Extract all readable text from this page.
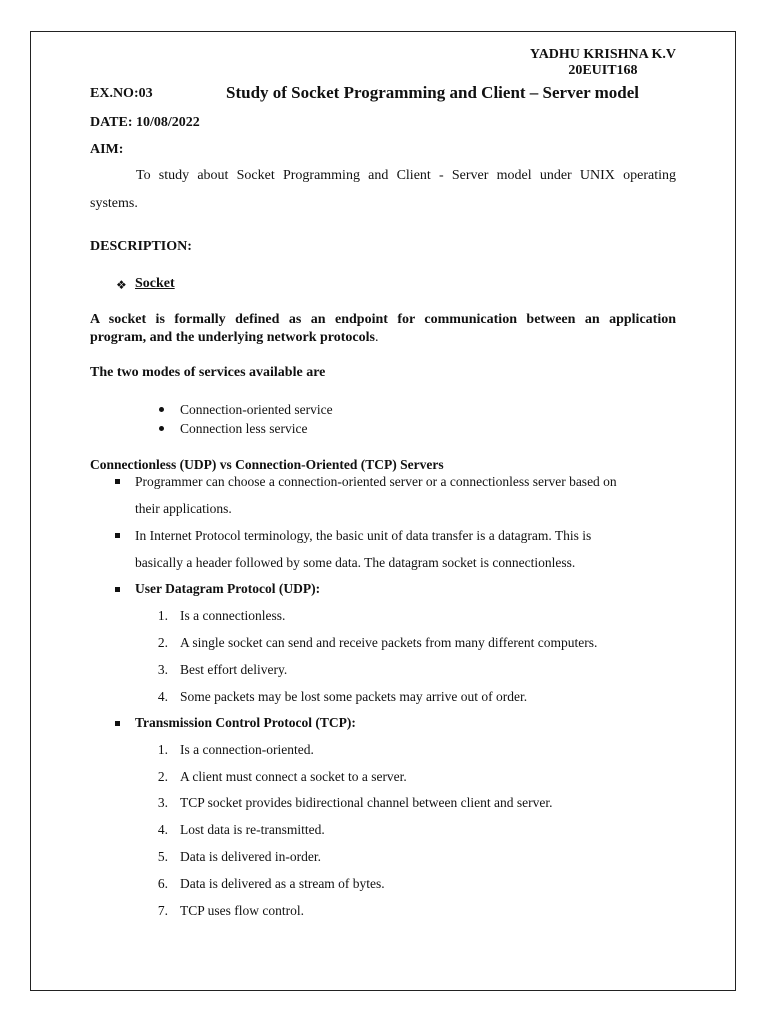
YADHU KRISHNA K.V
20EUIT168
EX.NO:03	Study of Socket Programming and Client – Server model
DATE: 10/08/2022
AIM:
To study about Socket Programming and Client - Server model under UNIX operating
systems.
DESCRIPTION:
❖ Socket
A socket is formally defined as an endpoint for communication between an application
program, and the underlying network protocols.
The two modes of services available are
Connection-oriented service
Connection less service
Connectionless (UDP) vs Connection-Oriented (TCP) Servers
Programmer can choose a connection-oriented server or a connectionless server based on
their applications.
In Internet Protocol terminology, the basic unit of data transfer is a datagram. This is
basically a header followed by some data. The datagram socket is connectionless.
User Datagram Protocol (UDP):
1. Is a connectionless.
2. A single socket can send and receive packets from many different computers.
3. Best effort delivery.
4. Some packets may be lost some packets may arrive out of order.
Transmission Control Protocol (TCP):
1. Is a connection-oriented.
2. A client must connect a socket to a server.
3. TCP socket provides bidirectional channel between client and server.
4. Lost data is re-transmitted.
5. Data is delivered in-order.
6. Data is delivered as a stream of bytes.
7. TCP uses flow control.
